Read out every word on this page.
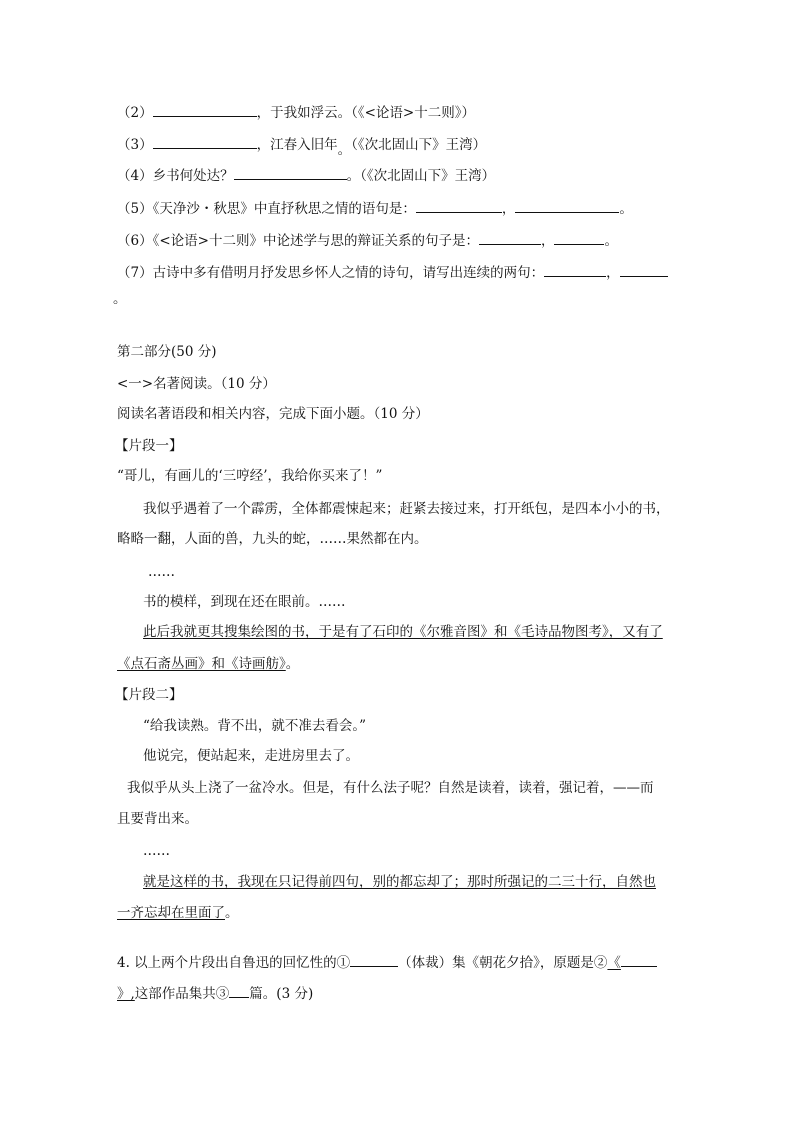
（2）	，于我如浮云。（《<论语>十二则》）
（3）	，江春入旧年。（《次北固山下》王湾）
（4）乡书何处达？	。（《次北固山下》王湾）
（5）《天净沙・秋思》中直抒秋思之情的语句是：	，	。
（6）《<论语>十二则》中论述学与思的辩证关系的句子是：	，	。
（7）古诗中多有借明月抒发思乡怀人之情的诗句，请写出连续的两句：	，
。
第二部分(50 分)
<一>名著阅读。（10 分）
阅读名著语段和相关内容，完成下面小题。（10 分）
【片段一】
“哥儿，有画儿的‘三哼经’，我给你买来了！”
我似乎遇着了一个霹雳，全体都震悚起来；赶紧去接过来，打开纸包，是四本小小的书，
略略一翻，人面的兽，九头的蛇，……果然都在内。
……
书的模样，到现在还在眼前。……
此后我就更其搜集绘图的书，于是有了石印的《尔雅音图》和《毛诗品物图考》，又有了
《点石斋丛画》和《诗画舫》。
【片段二】
“给我读熟。背不出，就不准去看会。”
他说完，便站起来，走进房里去了。
我似乎从头上浇了一盆冷水。但是，有什么法子呢？自然是读着，读着，强记着，——而
且要背出来。
……
就是这样的书，我现在只记得前四句，别的都忘却了；那时所强记的二三十行，自然也
一齐忘却在里面了。
4. 以上两个片段出自鲁迅的回忆性的①	（体裁）集《朝花夕拾》，原题是②《
》,这部作品集共③ 篇。(3 分)
